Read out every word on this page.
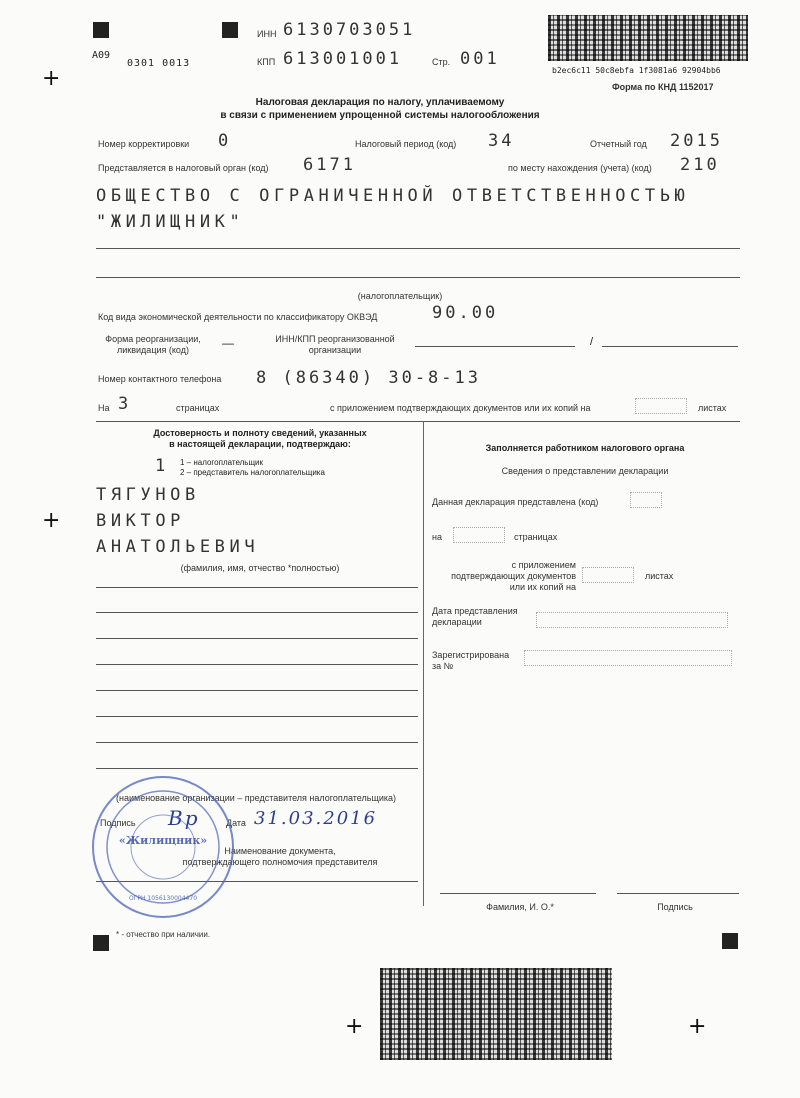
+
+
+	+
А09
0301 0013
ИНН 6130703051
КПП 613001001	Стр. 001
b2ec6c11 50c8ebfa 1f3081a6 92904bb6
Форма по КНД 1152017
Налоговая декларация по налогу, уплачиваемому
в связи с применением упрощенной системы налогообложения
Номер корректировки 0	Налоговый период (код) 34	Отчетный год 2015
Представляется в налоговый орган (код) 6171	по месту нахождения (учета) (код) 210
ОБЩЕСТВО С ОГРАНИЧЕННОЙ ОТВЕТСТВЕННОСТЬЮ
"ЖИЛИЩНИК"
(налогоплательщик)
Код вида экономической деятельности по классификатору ОКВЭД	90.00
Форма реорганизации,
ликвидация (код)	—	ИНН/КПП реорганизованной
организации
/
Номер контактного телефона 8 (86340) 30-8-13
На 3	страницах	с приложением подтверждающих документов или их копий на	листах
Достоверность и полноту сведений, указанных
в настоящей декларации, подтверждаю:
1 1 – налогоплательщик
2 – представитель налогоплательщика
ТЯГУНОВ
ВИКТОР
АНАТОЛЬЕВИЧ
(фамилия, имя, отчество *полностью)
(наименование организации – представителя налогоплательщика)
Подпись Вр	Дата 31.03.2016
Наименование документа,
подтверждающего полномочия представителя
* - отчество при наличии.
«Жилищник»
ОГРН 1056130004470
Заполняется работником налогового органа
Сведения о представлении декларации
Данная декларация представлена (код)
на	страницах
с приложением
подтверждающих документов
или их копий на
листах
Дата представления
декларации
Зарегистрирована
за №
Фамилия, И. О.*	Подпись
